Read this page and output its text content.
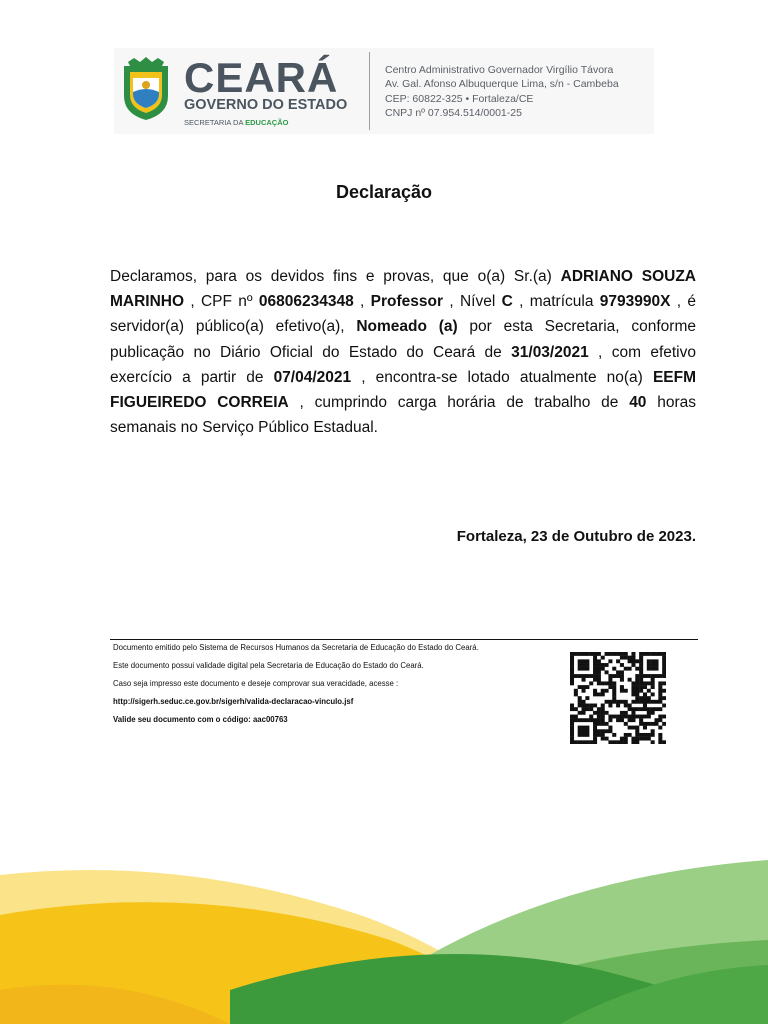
CEARÁ
GOVERNO DO ESTADO
SECRETARIA DA EDUCAÇÃO
Centro Administrativo Governador Virgílio Távora
Av. Gal. Afonso Albuquerque Lima, s/n - Cambeba
CEP: 60822-325 • Fortaleza/CE
CNPJ nº 07.954.514/0001-25
Declaração
Declaramos, para os devidos fins e provas, que o(a) Sr.(a) ADRIANO SOUZA MARINHO , CPF nº 06806234348 , Professor , Nível C , matrícula 9793990X , é servidor(a) público(a) efetivo(a), Nomeado (a) por esta Secretaria, conforme publicação no Diário Oficial do Estado do Ceará de 31/03/2021 , com efetivo exercício a partir de 07/04/2021 , encontra-se lotado atualmente no(a) EEFM FIGUEIREDO CORREIA , cumprindo carga horária de trabalho de 40 horas semanais no Serviço Público Estadual.
Fortaleza, 23 de Outubro de 2023.
Documento emitido pelo Sistema de Recursos Humanos da Secretaria de Educação do Estado do Ceará.
Este documento possui validade digital pela Secretaria de Educação do Estado do Ceará.
Caso seja impresso este documento e deseje comprovar sua veracidade, acesse :
http://sigerh.seduc.ce.gov.br/sigerh/valida-declaracao-vinculo.jsf
Valide seu documento com o código: aac00763
